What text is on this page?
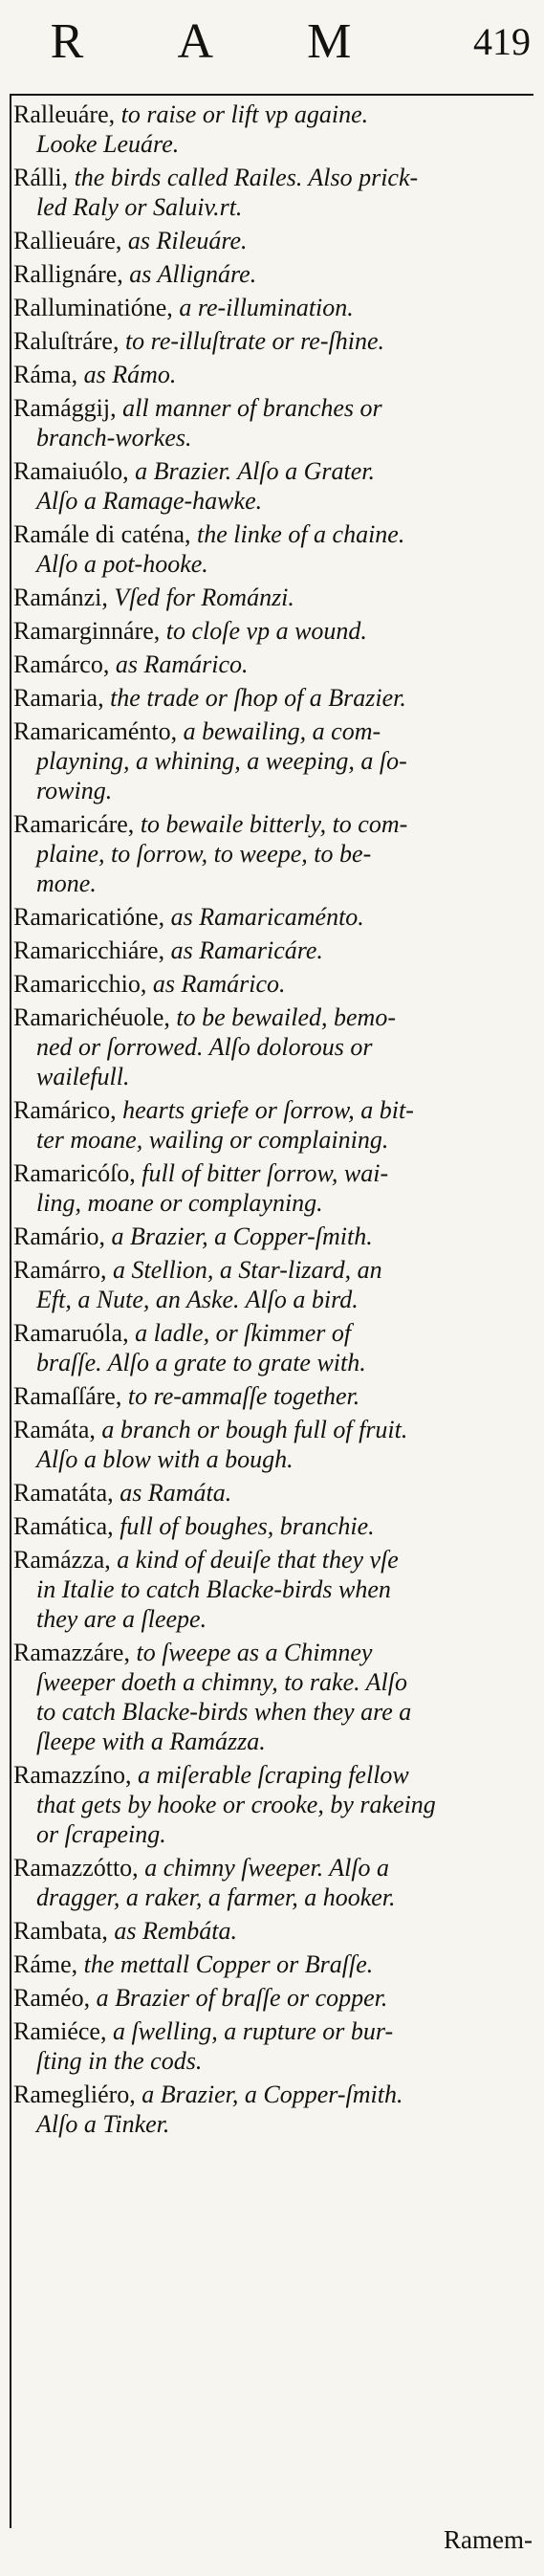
R A M	419
Ralleuáre, to raise or lift vp againe.
Looke Leuáre.
Rálli, the birds called Railes. Also prick-
led Raly or Saluiv.rt.
Rallieuáre, as Rileuáre.
Rallignáre, as Allignáre.
Ralluminatióne, a re-illumination.
Raluſtráre, to re-illuſtrate or re-ſhine.
Ráma, as Rámo.
Ramággij, all manner of branches or
branch-workes.
Ramaiuólo, a Brazier. Alſo a Grater.
Alſo a Ramage-hawke.
Ramále di caténa, the linke of a chaine.
Alſo a pot-hooke.
Ramánzi, Vſed for Románzi.
Ramarginnáre, to cloſe vp a wound.
Ramárco, as Ramárico.
Ramaria, the trade or ſhop of a Brazier.
Ramaricaménto, a bewailing, a com-
playning, a whining, a weeping, a ſo-
rowing.
Ramaricáre, to bewaile bitterly, to com-
plaine, to ſorrow, to weepe, to be-
mone.
Ramaricatióne, as Ramaricaménto.
Ramaricchiáre, as Ramaricáre.
Ramaricchio, as Ramárico.
Ramarichéuole, to be bewailed, bemo-
ned or ſorrowed. Alſo dolorous or
wailefull.
Ramárico, hearts griefe or ſorrow, a bit-
ter moane, wailing or complaining.
Ramaricóſo, full of bitter ſorrow, wai-
ling, moane or complayning.
Ramário, a Brazier, a Copper-ſmith.
Ramárro, a Stellion, a Star-lizard, an
Eft, a Nute, an Aske. Alſo a bird.
Ramaruóla, a ladle, or ſkimmer of
braſſe. Alſo a grate to grate with.
Ramaſſáre, to re-ammaſſe together.
Ramáta, a branch or bough full of fruit.
Alſo a blow with a bough.
Ramatáta, as Ramáta.
Ramática, full of boughes, branchie.
Ramázza, a kind of deuiſe that they vſe
in Italie to catch Blacke-birds when
they are a ſleepe.
Ramazzáre, to ſweepe as a Chimney
ſweeper doeth a chimny, to rake. Alſo
to catch Blacke-birds when they are a
ſleepe with a Ramázza.
Ramazzíno, a miſerable ſcraping fellow
that gets by hooke or crooke, by rakeing
or ſcrapeing.
Ramazzótto, a chimny ſweeper. Alſo a
dragger, a raker, a farmer, a hooker.
Rambata, as Rembáta.
Ráme, the mettall Copper or Braſſe.
Raméo, a Brazier of braſſe or copper.
Ramiéce, a ſwelling, a rupture or bur-
ſting in the cods.
Ramegliéro, a Brazier, a Copper-ſmith.
Alſo a Tinker.
Ramem-
